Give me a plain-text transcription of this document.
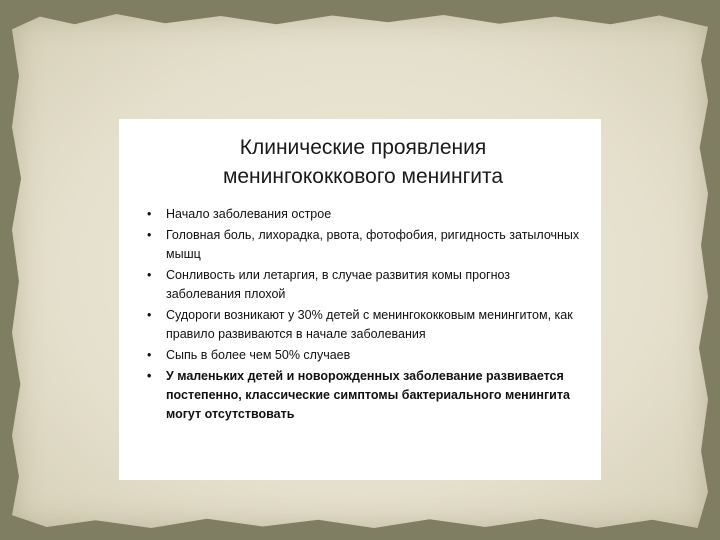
Клинические проявления
менингококкового менингита
• Начало заболевания острое
• Головная боль, лихорадка, рвота, фотофобия, ригидность затылочных мышц
• Сонливость или летаргия, в случае развития комы прогноз заболевания плохой
• Судороги возникают у 30% детей с менингококковым менингитом, как правило развиваются в начале заболевания
• Сыпь в более чем 50% случаев
• У маленьких детей и новорожденных заболевание развивается постепенно, классические симптомы бактериального менингита могут отсутствовать
